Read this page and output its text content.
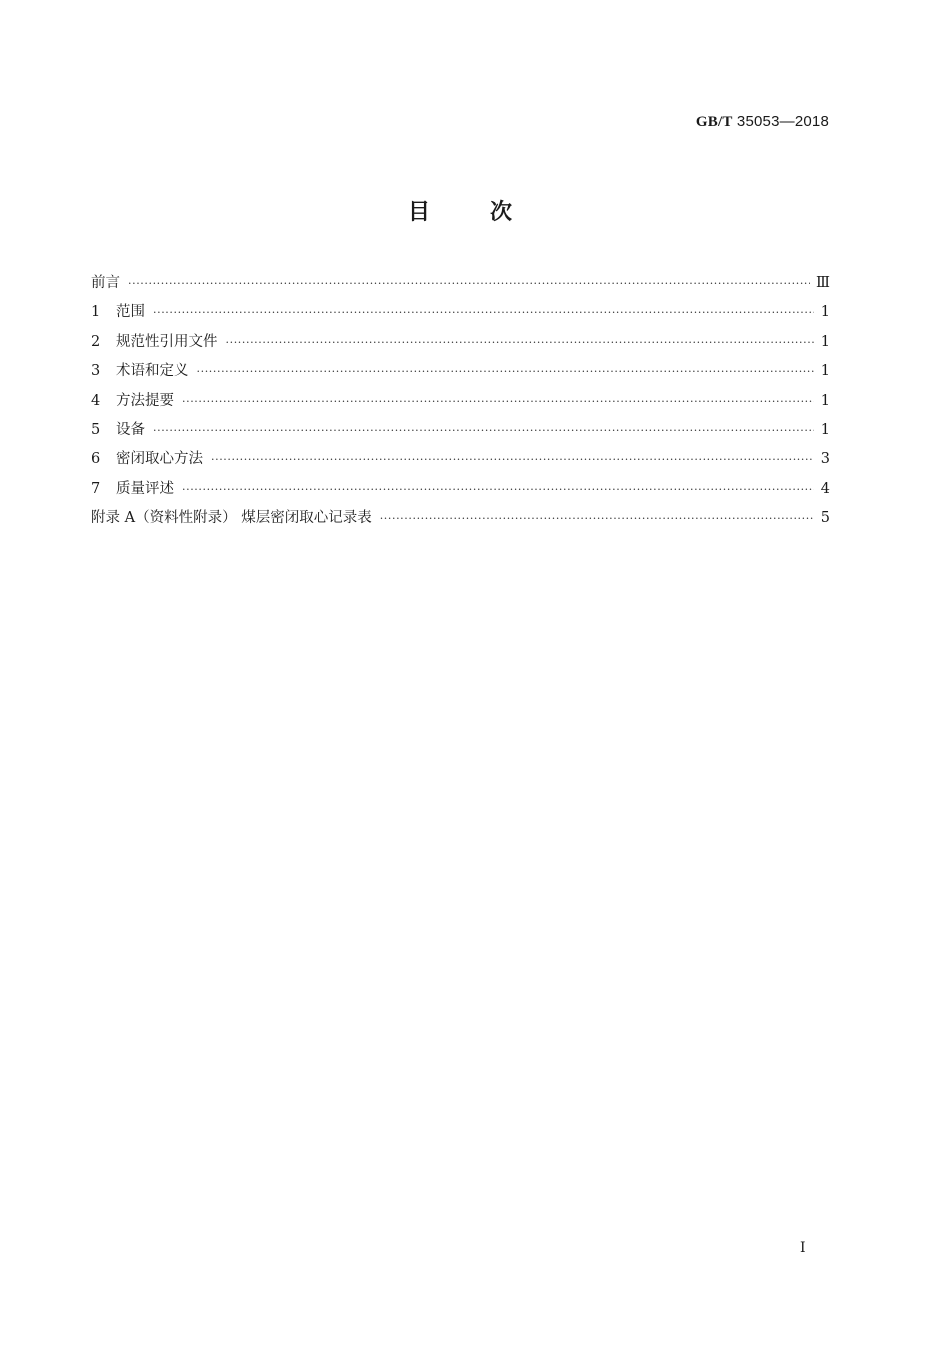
GB/T 35053—2018
目次
前言 ·····	Ⅲ
1	范围 ·····	1
2	规范性引用文件 ·····	1
3	术语和定义 ·····	1
4	方法提要 ·····	1
5	设备 ·····	1
6	密闭取心方法 ·····	3
7	质量评述 ·····	4
附录 A（资料性附录） 煤层密闭取心记录表 ·····	5
I
